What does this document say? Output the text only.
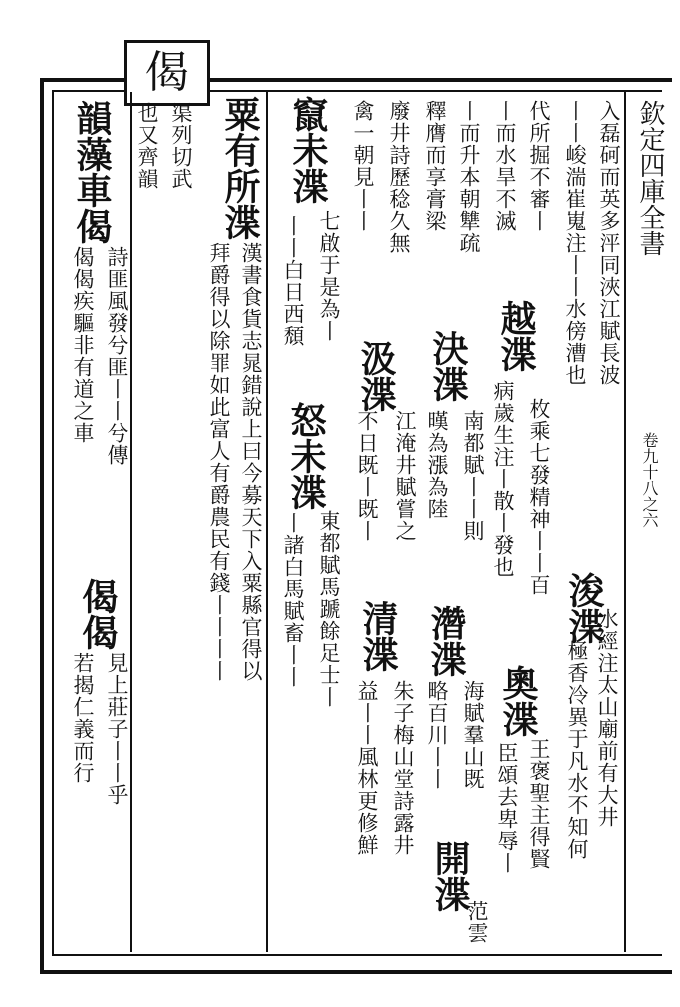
偈
欽定四庫全書
卷九十八之六
入磊砢而英多泙同浹江賦長波
丨丨峻湍崔嵬注丨丨水傍漕也
浚渫
水經注太山廟前有大井
極香冷異于凡水不知何
代所掘不審丨
枚乘七發精神丨丨百
越渫
丨而水旱不滅
病歲生注丨散丨發也
奧渫
王褒聖主得賢
臣頌去卑辱丨
丨而升本朝犨疏
決渫
南都賦丨丨則
濳渫
海賦羣山既
釋膺而享膏梁
暵為漲為陸
略百川丨丨
開渫
范雲
廢井詩歷稔久無
汲渫
江淹井賦嘗之
清渫
朱子梅山堂詩露井
禽一朝見丨丨
不日既丨既丨
益丨丨風林更修鮮
竄未渫
七啟于是為丨
東都賦馬蹏餘足士丨
丨丨白日西頹
怒未渫
丨諸白馬賦畜丨丨
粟有所渫
漢書食貨志晁錯說上曰今募天下入粟縣官得以
拜爵得以除罪如此富人有爵農民有錢丨丨丨丨
渠列切武
也又齊韻
韻藻車偈
詩匪風發兮匪丨丨兮傳
偈偈疾驅非有道之車
偈偈
見上莊子丨丨乎
若揭仁義而行
